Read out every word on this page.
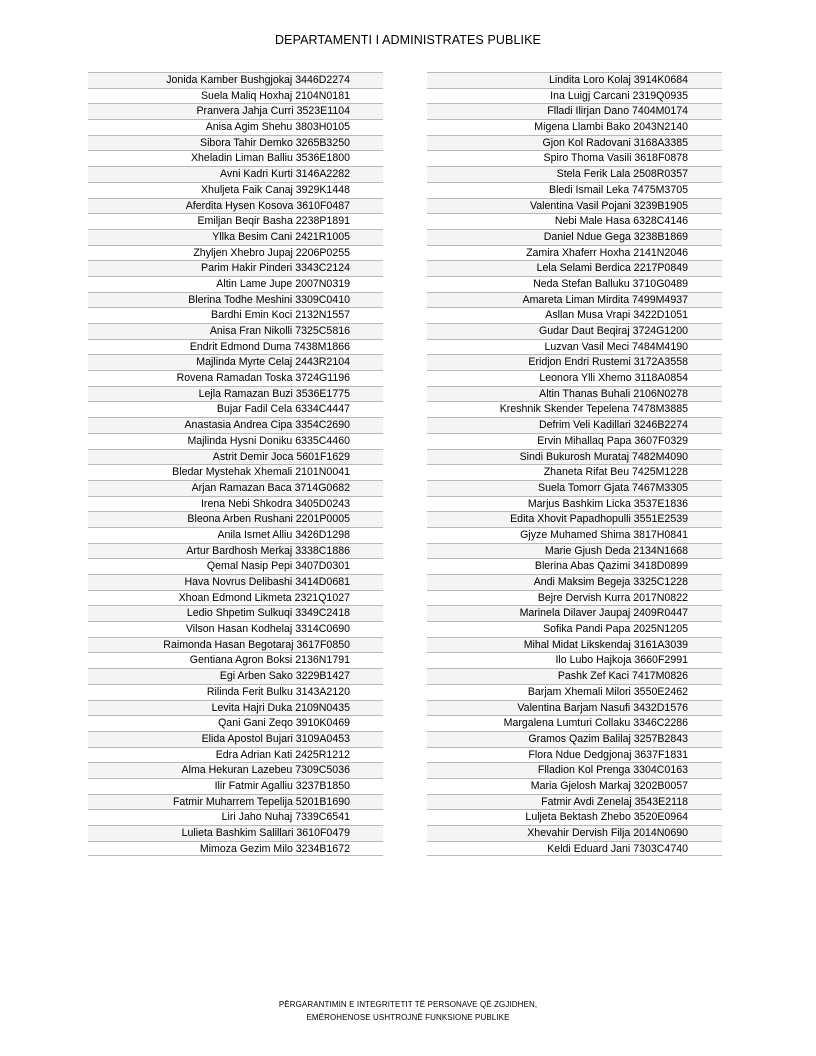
DEPARTAMENTI I ADMINISTRATES PUBLIKE
Jonida Kamber Bushgjokaj 3446D2274
Suela Maliq Hoxhaj 2104N0181
Pranvera Jahja Curri 3523E1104
Anisa Agim Shehu 3803H0105
Sibora Tahir Demko 3265B3250
Xheladin Liman Balliu 3536E1800
Avni Kadri Kurti 3146A2282
Xhuljeta Faik Canaj 3929K1448
Aferdita Hysen Kosova 3610F0487
Emiljan Beqir Basha 2238P1891
Yllka Besim Cani 2421R1005
Zhyljen Xhebro Jupaj 2206P0255
Parim Hakir Pinderi 3343C2124
Altin Lame Jupe 2007N0319
Blerina Todhe Meshini 3309C0410
Bardhi Emin Koci 2132N1557
Anisa Fran Nikolli 7325C5816
Endrit Edmond Duma 7438M1866
Majlinda Myrte Celaj 2443R2104
Rovena Ramadan Toska 3724G1196
Lejla Ramazan Buzi 3536E1775
Bujar Fadil Cela 6334C4447
Anastasia Andrea Cipa 3354C2690
Majlinda Hysni Doniku 6335C4460
Astrit Demir Joca 5601F1629
Bledar Mystehak Xhemali 2101N0041
Arjan Ramazan Baca 3714G0682
Irena Nebi Shkodra 3405D0243
Bleona Arben Rushani 2201P0005
Anila Ismet Alliu 3426D1298
Artur Bardhosh Merkaj 3338C1886
Qemal Nasip Pepi 3407D0301
Hava Novrus Delibashi 3414D0681
Xhoan Edmond Likmeta 2321Q1027
Ledio Shpetim Sulkuqi 3349C2418
Vilson Hasan Kodhelaj 3314C0690
Raimonda Hasan Begotaraj 3617F0850
Gentiana Agron Boksi 2136N1791
Egi Arben Sako 3229B1427
Rilinda Ferit Bulku 3143A2120
Levita Hajri Duka 2109N0435
Qani Gani Zeqo 3910K0469
Elida Apostol Bujari 3109A0453
Edra Adrian Kati 2425R1212
Alma Hekuran Lazebeu 7309C5036
Ilir Fatmir Agalliu 3237B1850
Fatmir Muharrem Tepelija 5201B1690
Liri Jaho Nuhaj 7339C6541
Lulieta Bashkim Salillari 3610F0479
Mimoza Gezim Milo 3234B1672
Lindita Loro Kolaj 3914K0684
Ina Luigj Carcani 2319Q0935
Flladi Ilirjan Dano 7404M0174
Migena Llambi Bako 2043N2140
Gjon Kol Radovani 3168A3385
Spiro Thoma Vasili 3618F0878
Stela Ferik Lala 2508R0357
Bledi Ismail Leka 7475M3705
Valentina Vasil Pojani 3239B1905
Nebi Male Hasa 6328C4146
Daniel Ndue Gega 3238B1869
Zamira Xhaferr Hoxha 2141N2046
Lela Selami Berdica 2217P0849
Neda Stefan Balluku 3710G0489
Amareta Liman Mirdita 7499M4937
Asllan Musa Vrapi 3422D1051
Gudar Daut Beqiraj 3724G1200
Luzvan Vasil Meci 7484M4190
Eridjon Endri Rustemi 3172A3558
Leonora Ylli Xhemo 3118A0854
Altin Thanas Buhali 2106N0278
Kreshnik Skender Tepelena 7478M3885
Defrim Veli Kadillari 3246B2274
Ervin Mihallaq Papa 3607F0329
Sindi Bukurosh Murataj 7482M4090
Zhaneta Rifat Beu 7425M1228
Suela Tomorr Gjata 7467M3305
Marjus Bashkim Licka 3537E1836
Edita Xhovit Papadhopulli 3551E2539
Gjyze Muhamed Shima 3817H0841
Marie Gjush Deda 2134N1668
Blerina Abas Qazimi 3418D0899
Andi Maksim Begeja 3325C1228
Bejre Dervish Kurra 2017N0822
Marinela Dilaver Jaupaj 2409R0447
Sofika Pandi Papa 2025N1205
Mihal Midat Likskendaj 3161A3039
Ilo Lubo Hajkoja 3660F2991
Pashk Zef Kaci 7417M0826
Barjam Xhemali Milori 3550E2462
Valentina Barjam Nasufi 3432D1576
Margalena Lumturi Collaku 3346C2286
Gramos Qazim Balilaj 3257B2843
Flora Ndue Dedgjonaj 3637F1831
Flladion Kol Prenga 3304C0163
Maria Gjelosh Markaj 3202B0057
Fatmir Avdi Zenelaj 3543E2118
Luljeta Bektash Zhebo 3520E0964
Xhevahir Dervish Filja 2014N0690
Keldi Eduard Jani 7303C4740
PËRGARANTIMIN E INTEGRITETIT TË PERSONAVE QË ZGJIDHEN,
EMËROHENOSE USHTROJNË FUNKSIONE PUBLIKE
